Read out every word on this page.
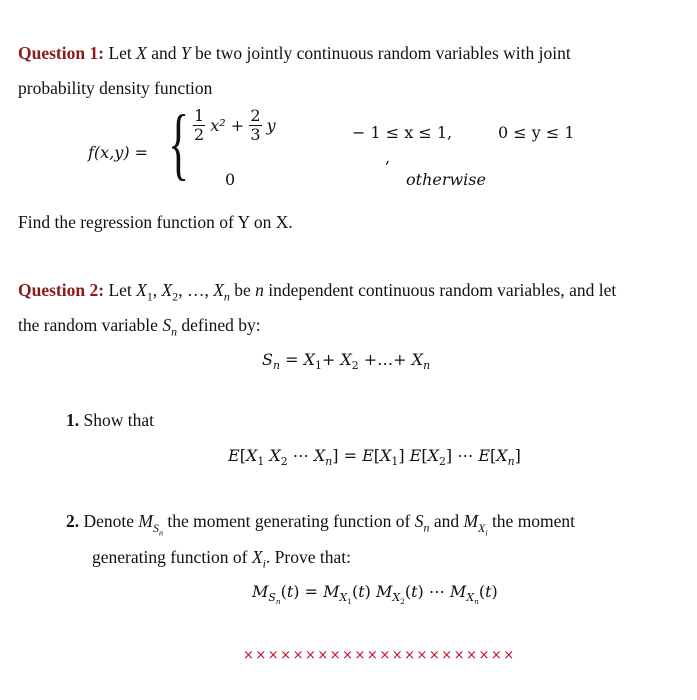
Question 1: Let X and Y be two jointly continuous random variables with joint
probability density function
f(x,y) = { $\frac{1}{2} x^2 + \frac{2}{3}$ y	− 1 ≤ x ≤ 1,	0 ≤ y ≤ 1
,
0	otherwise
Find the regression function of Y on X.
Question 2: Let $X_1$, $X_2$, …, $X_n$ be n independent continuous random variables, and let
the random variable $S_n$ defined by:
$S_n = X_1+ X_2$ +…+ $X_n$
1. Show that
$E[X_1$ $X_2$ ⋯ $X_n] = E[X_1]$ $E[X_2]$ ⋯ $E[X_n]$
2. Denote $M_{S_n}$ the moment generating function of $S_n$ and $M_{X_i}$ the moment
generating function of $X_i$. Prove that:
$M_{S_n}(t) = M_{X_1}(t)$ $M_{X_2}(t)$ ⋯ $M_{X_n}(t)$
××××××××××××××××××××××
